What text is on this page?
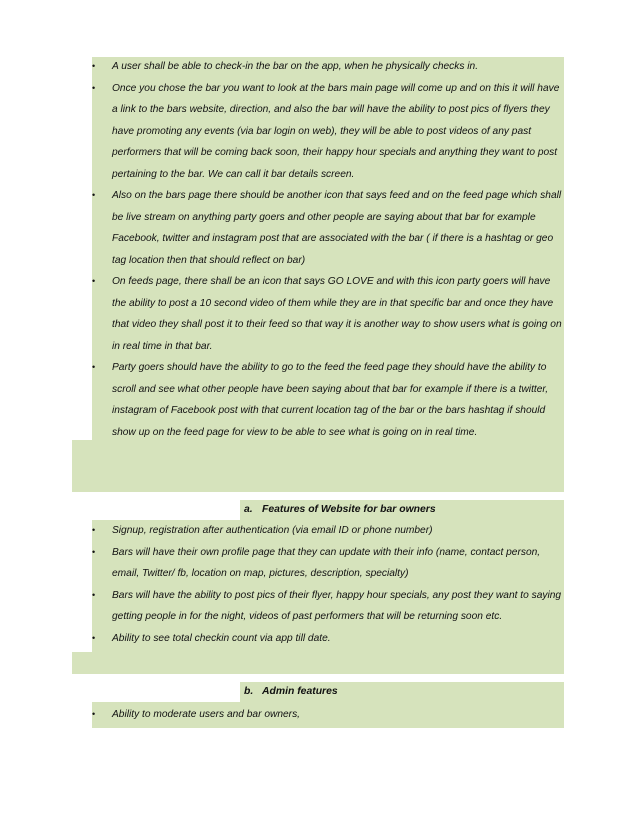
• A user shall be able to check-in the bar on the app, when he physically checks in.
• Once you chose the bar you want to look at the bars main page will come up and on this it will have a link to the bars website, direction, and also the bar will have the ability to post pics of flyers they have promoting any events (via bar login on web), they will be able to post videos of any past performers that will be coming back soon, their happy hour specials and anything they want to post pertaining to the bar. We can call it bar details screen.
• Also on the bars page there should be another icon that says feed and on the feed page which shall be live stream on anything party goers and other people are saying about that bar for example Facebook, twitter and instagram post that are associated with the bar ( if there is a hashtag or geo tag location then that should reflect on bar)
• On feeds page, there shall be an icon that says GO LOVE and with this icon party goers will have the ability to post a 10 second video of them while they are in that specific bar and once they have that video they shall post it to their feed so that way it is another way to show users what is going on in real time in that bar.
• Party goers should have the ability to go to the feed the feed page they should have the ability to scroll and see what other people have been saying about that bar for example if there is a twitter, instagram of Facebook post with that current location tag of the bar or the bars hashtag if should show up on the feed page for view to be able to see what is going on in real time.
a. Features of Website for bar owners
• Signup, registration after authentication (via email ID or phone number)
• Bars will have their own profile page that they can update with their info (name, contact person, email, Twitter/ fb, location on map, pictures, description, specialty)
• Bars will have the ability to post pics of their flyer, happy hour specials, any post they want to saying getting people in for the night, videos of past performers that will be returning soon etc.
• Ability to see total checkin count via app till date.
b. Admin features
• Ability to moderate users and bar owners,
